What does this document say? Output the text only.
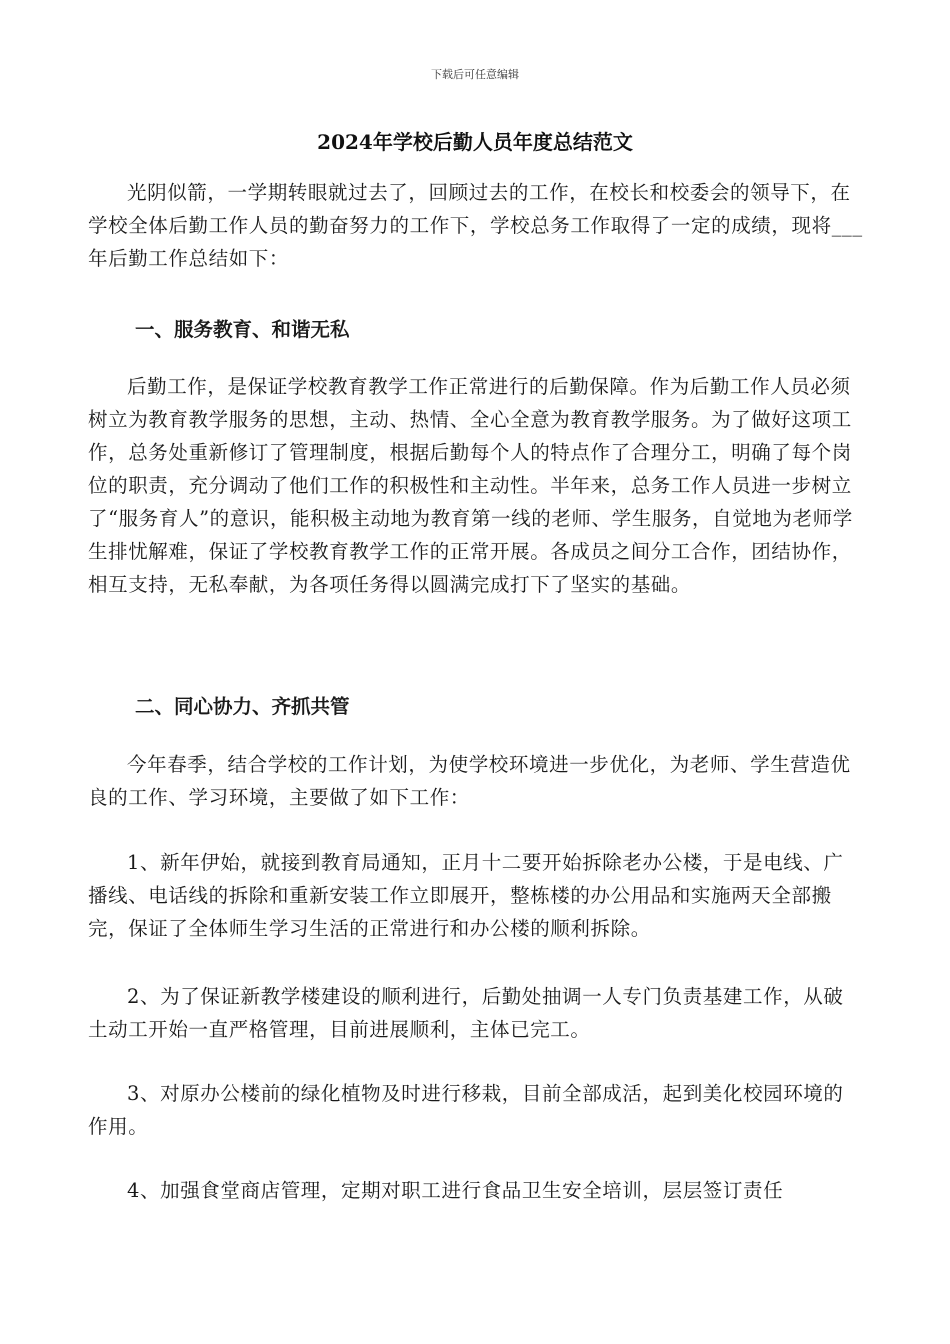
下载后可任意编辑
2024年学校后勤人员年度总结范文

光阴似箭，一学期转眼就过去了，回顾过去的工作，在校长和校委会的领导下，在学校全体后勤工作人员的勤奋努力的工作下，学校总务工作取得了一定的成绩，现将___年后勤工作总结如下：

一、服务教育、和谐无私

后勤工作，是保证学校教育教学工作正常进行的后勤保障。作为后勤工作人员必须树立为教育教学服务的思想，主动、热情、全心全意为教育教学服务。为了做好这项工作，总务处重新修订了管理制度，根据后勤每个人的特点作了合理分工，明确了每个岗位的职责，充分调动了他们工作的积极性和主动性。半年来，总务工作人员进一步树立了“服务育人”的意识，能积极主动地为教育第一线的老师、学生服务，自觉地为老师学生排忧解难，保证了学校教育教学工作的正常开展。各成员之间分工合作，团结协作，相互支持，无私奉献，为各项任务得以圆满完成打下了坚实的基础。

二、同心协力、齐抓共管

今年春季，结合学校的工作计划，为使学校环境进一步优化，为老师、学生营造优良的工作、学习环境，主要做了如下工作：

1、新年伊始，就接到教育局通知，正月十二要开始拆除老办公楼，于是电线、广播线、电话线的拆除和重新安装工作立即展开，整栋楼的办公用品和实施两天全部搬完，保证了全体师生学习生活的正常进行和办公楼的顺利拆除。

2、为了保证新教学楼建设的顺利进行，后勤处抽调一人专门负责基建工作，从破土动工开始一直严格管理，目前进展顺利，主体已完工。

3、对原办公楼前的绿化植物及时进行移栽，目前全部成活，起到美化校园环境的作用。

4、加强食堂商店管理，定期对职工进行食品卫生安全培训，层层签订责任
